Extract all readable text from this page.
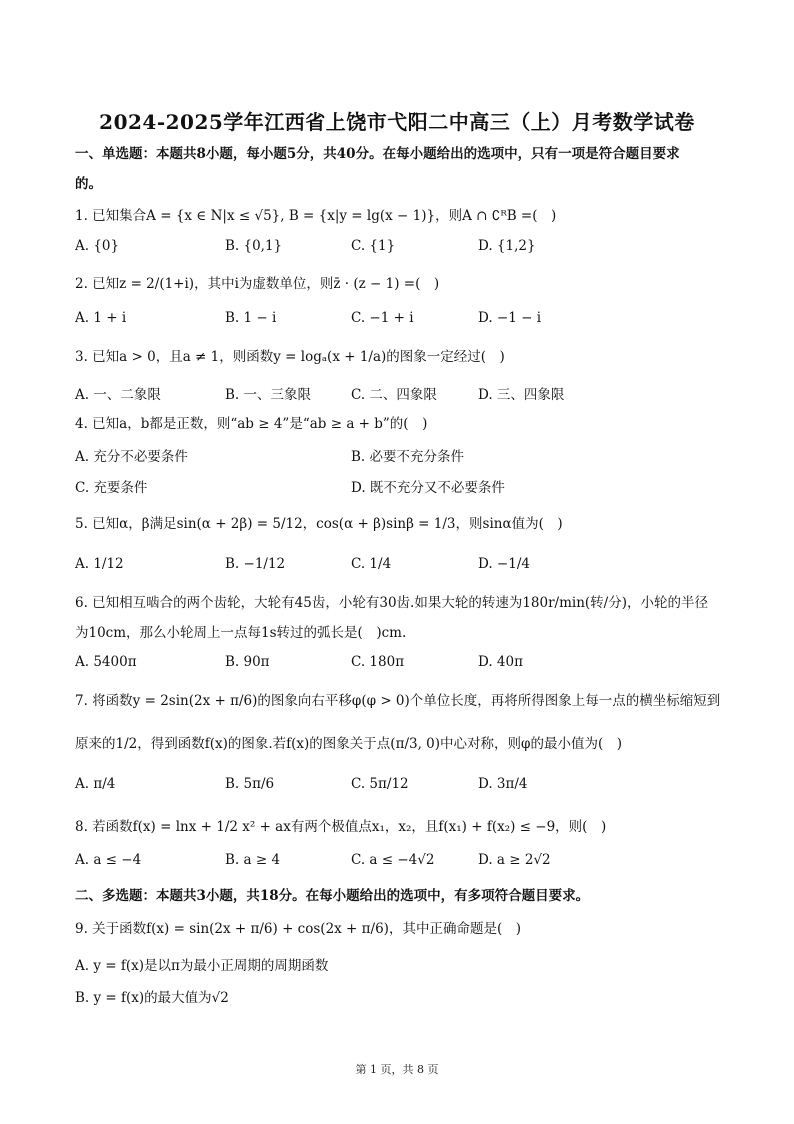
2024-2025学年江西省上饶市弋阳二中高三（上）月考数学试卷
一、单选题：本题共8小题，每小题5分，共40分。在每小题给出的选项中，只有一项是符合题目要求
的。
1. 已知集合A = {x ∈ N|x ≤ √5}, B = {x|y = lg(x − 1)}，则A ∩ ∁ᴿB =(　)
A. {0}	B. {0,1}	C. {1}	D. {1,2}
2. 已知z = 2/(1+i)，其中i为虚数单位，则z̄ · (z − 1) =(　)
A. 1 + i	B. 1 − i	C. −1 + i	D. −1 − i
3. 已知a > 0，且a ≠ 1，则函数y = logₐ(x + 1/a)的图象一定经过(　)
A. 一、二象限	B. 一、三象限	C. 二、四象限	D. 三、四象限
4. 已知a，b都是正数，则“ab ≥ 4”是“ab ≥ a + b”的(　)
A. 充分不必要条件	B. 必要不充分条件
C. 充要条件	D. 既不充分又不必要条件
5. 已知α，β满足sin(α + 2β) = 5/12，cos(α + β)sinβ = 1/3，则sinα值为(　)
A. 1/12	B. −1/12	C. 1/4	D. −1/4
6. 已知相互啮合的两个齿轮，大轮有45齿，小轮有30齿.如果大轮的转速为180r/min(转/分)，小轮的半径
为10cm，那么小轮周上一点每1s转过的弧长是(　)cm.
A. 5400π	B. 90π	C. 180π	D. 40π
7. 将函数y = 2sin(2x + π/6)的图象向右平移φ(φ > 0)个单位长度，再将所得图象上每一点的横坐标缩短到
原来的1/2，得到函数f(x)的图象.若f(x)的图象关于点(π/3, 0)中心对称，则φ的最小值为(　)
A. π/4	B. 5π/6	C. 5π/12	D. 3π/4
8. 若函数f(x) = lnx + 1/2 x² + ax有两个极值点x₁，x₂，且f(x₁) + f(x₂) ≤ −9，则(　)
A. a ≤ −4	B. a ≥ 4	C. a ≤ −4√2	D. a ≥ 2√2
二、多选题：本题共3小题，共18分。在每小题给出的选项中，有多项符合题目要求。
9. 关于函数f(x) = sin(2x + π/6) + cos(2x + π/6)，其中正确命题是(　)
A. y = f(x)是以π为最小正周期的周期函数
B. y = f(x)的最大值为√2
第 1 页，共 8 页
